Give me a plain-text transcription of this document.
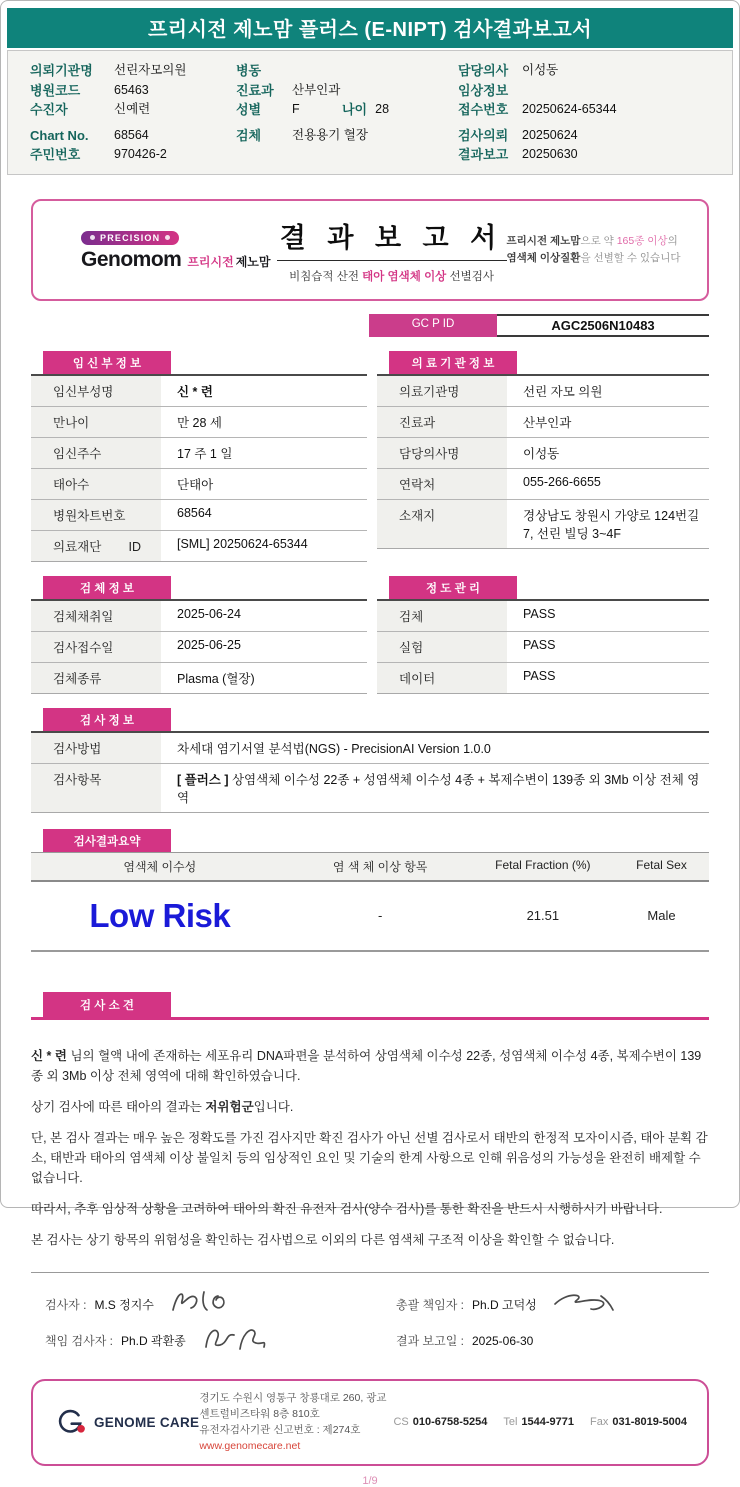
프리시전 제노맘 플러스 (E-NIPT) 검사결과보고서
의뢰기관명	선린자모의원
병원코드	65463
수진자	신예련
Chart No.	68564
주민번호	970426-2
병동
진료과	산부인과
성별	F	나이 28
검체	전용용기 혈장
담당의사	이성동
임상정보
접수번호	20250624-65344
검사의뢰	20250624
결과보고	20250630
PRECISION
Genomom 프리시전 제노맘
결 과 보 고 서
비침습적 산전 태아 염색체 이상 선별검사
프리시전 제노맘으로 약 165종 이상의
염색체 이상질환을 선별할 수 있습니다
GC P ID	AGC2506N10483
임 신 부 정 보
임신부성명	신 * 련
만나이	만 28 세
임신주수	17 주 1 일
태아수	단태아
병원차트번호	68564
의료재단 ID	[SML] 20250624-65344
의 료 기 관 정 보
의료기관명	선린 자모 의원
진료과	산부인과
담당의사명	이성동
연락처	055-266-6655
소재지	경상남도 창원시 가양로 124번길 7, 선린 빌딩 3~4F
검 체 정 보
검체채취일	2025-06-24
검사접수일	2025-06-25
검체종류	Plasma (혈장)
정 도 관 리
검체	PASS
실험	PASS
데이터	PASS
검 사 정 보
검사방법	차세대 염기서열 분석법(NGS) - PrecisionAI Version 1.0.0
검사항목	[ 플러스 ] 상염색체 이수성 22종 + 성염색체 이수성 4종 + 복제수변이 139종 외 3Mb 이상 전체 영역
검사결과요약
염색체 이수성	염 색 체 이상 항목	Fetal Fraction (%)	Fetal Sex
Low Risk	-	21.51	Male
검 사 소 견

신 * 련 님의 혈액 내에 존재하는 세포유리 DNA파편을 분석하여 상염색체 이수성 22종, 성염색체 이수성 4종, 복제수변이 139종 외 3Mb 이상 전체 영역에 대해 확인하였습니다.

상기 검사에 따른 태아의 결과는 저위험군입니다.

단, 본 검사 결과는 매우 높은 정확도를 가진 검사지만 확진 검사가 아닌 선별 검사로서 태반의 한정적 모자이시즘, 태아 분획 감소, 태반과 태아의 염색체 이상 불일치 등의 임상적인 요인 및 기술의 한계 사항으로 인해 위음성의 가능성을 완전히 배제할 수 없습니다.

따라서, 추후 임상적 상황을 고려하여 태아의 확진 유전자 검사(양수 검사)를 통한 확진을 반드시 시행하시기 바랍니다.

본 검사는 상기 항목의 위험성을 확인하는 검사법으로 이외의 다른 염색체 구조적 이상을 확인할 수 없습니다.

검사자 : M.S 정지수
책임 검사자 : Ph.D 곽환종
총괄 책임자 : Ph.D 고덕성
결과 보고일 : 2025-06-30
GENOME CARE
경기도 수원시 영통구 창룡대로 260, 광교 센트럴비즈타워 8층 810호
유전자검사기관 신고번호 : 제274호
www.genomecare.net
CS 010-6758-5254 Tel 1544-9771 Fax 031-8019-5004
1/9
